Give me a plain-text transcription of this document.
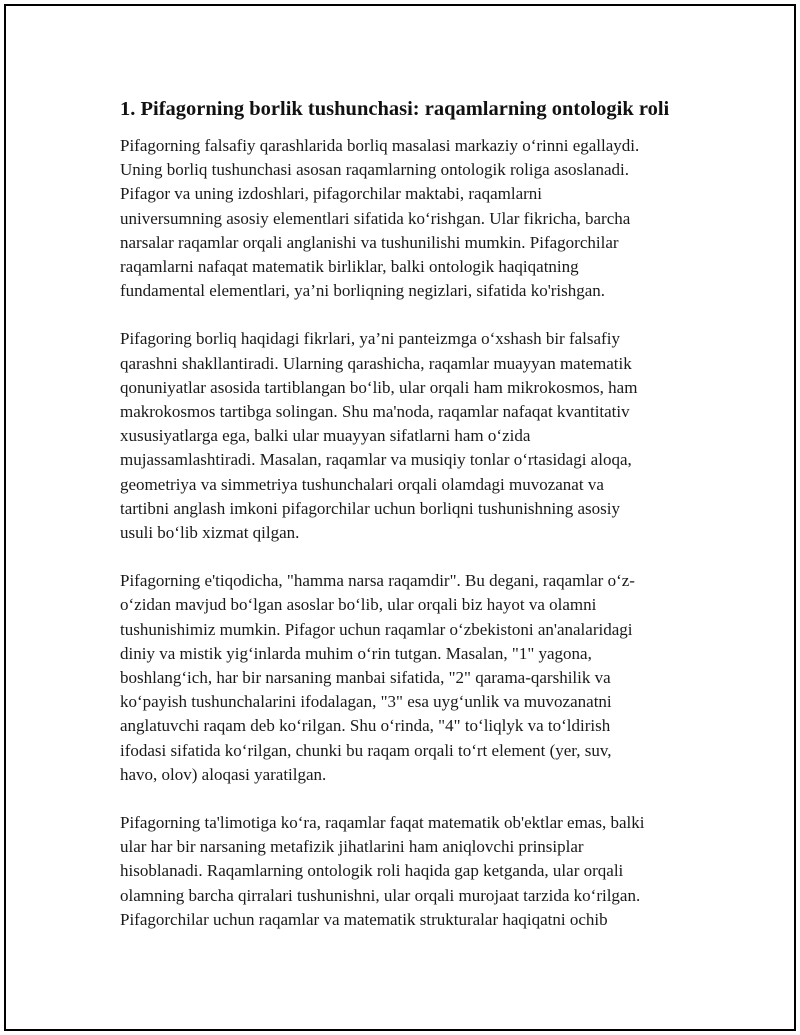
1. Pifagorning borlik tushunchasi: raqamlarning ontologik roli

Pifagorning falsafiy qarashlarida borliq masalasi markaziy o‘rinni egallaydi.
Uning borliq tushunchasi asosan raqamlarning ontologik roliga asoslanadi.
Pifagor va uning izdoshlari, pifagorchilar maktabi, raqamlarni
universumning asosiy elementlari sifatida ko‘rishgan. Ular fikricha, barcha
narsalar raqamlar orqali anglanishi va tushunilishi mumkin. Pifagorchilar
raqamlarni nafaqat matematik birliklar, balki ontologik haqiqatning
fundamental elementlari, ya’ni borliqning negizlari, sifatida ko'rishgan.

Pifagoring borliq haqidagi fikrlari, ya’ni panteizmga o‘xshash bir falsafiy
qarashni shakllantiradi. Ularning qarashicha, raqamlar muayyan matematik
qonuniyatlar asosida tartiblangan bo‘lib, ular orqali ham mikrokosmos, ham
makrokosmos tartibga solingan. Shu ma'noda, raqamlar nafaqat kvantitativ
xususiyatlarga ega, balki ular muayyan sifatlarni ham o‘zida
mujassamlashtiradi. Masalan, raqamlar va musiqiy tonlar o‘rtasidagi aloqa,
geometriya va simmetriya tushunchalari orqali olamdagi muvozanat va
tartibni anglash imkoni pifagorchilar uchun borliqni tushunishning asosiy
usuli bo‘lib xizmat qilgan.

Pifagorning e'tiqodicha, "hamma narsa raqamdir". Bu degani, raqamlar o‘z-
o‘zidan mavjud bo‘lgan asoslar bo‘lib, ular orqali biz hayot va olamni
tushunishimiz mumkin. Pifagor uchun raqamlar o‘zbekistoni an'analaridagi
diniy va mistik yig‘inlarda muhim o‘rin tutgan. Masalan, "1" yagona,
boshlang‘ich, har bir narsaning manbai sifatida, "2" qarama-qarshilik va
ko‘payish tushunchalarini ifodalagan, "3" esa uyg‘unlik va muvozanatni
anglatuvchi raqam deb ko‘rilgan. Shu o‘rinda, "4" to‘liqlyk va to‘ldirish
ifodasi sifatida ko‘rilgan, chunki bu raqam orqali to‘rt element (yer, suv,
havo, olov) aloqasi yaratilgan.

Pifagorning ta'limotiga ko‘ra, raqamlar faqat matematik ob'ektlar emas, balki
ular har bir narsaning metafizik jihatlarini ham aniqlovchi prinsiplar
hisoblanadi. Raqamlarning ontologik roli haqida gap ketganda, ular orqali
olamning barcha qirralari tushunishni, ular orqali murojaat tarzida ko‘rilgan.
Pifagorchilar uchun raqamlar va matematik strukturalar haqiqatni ochib
